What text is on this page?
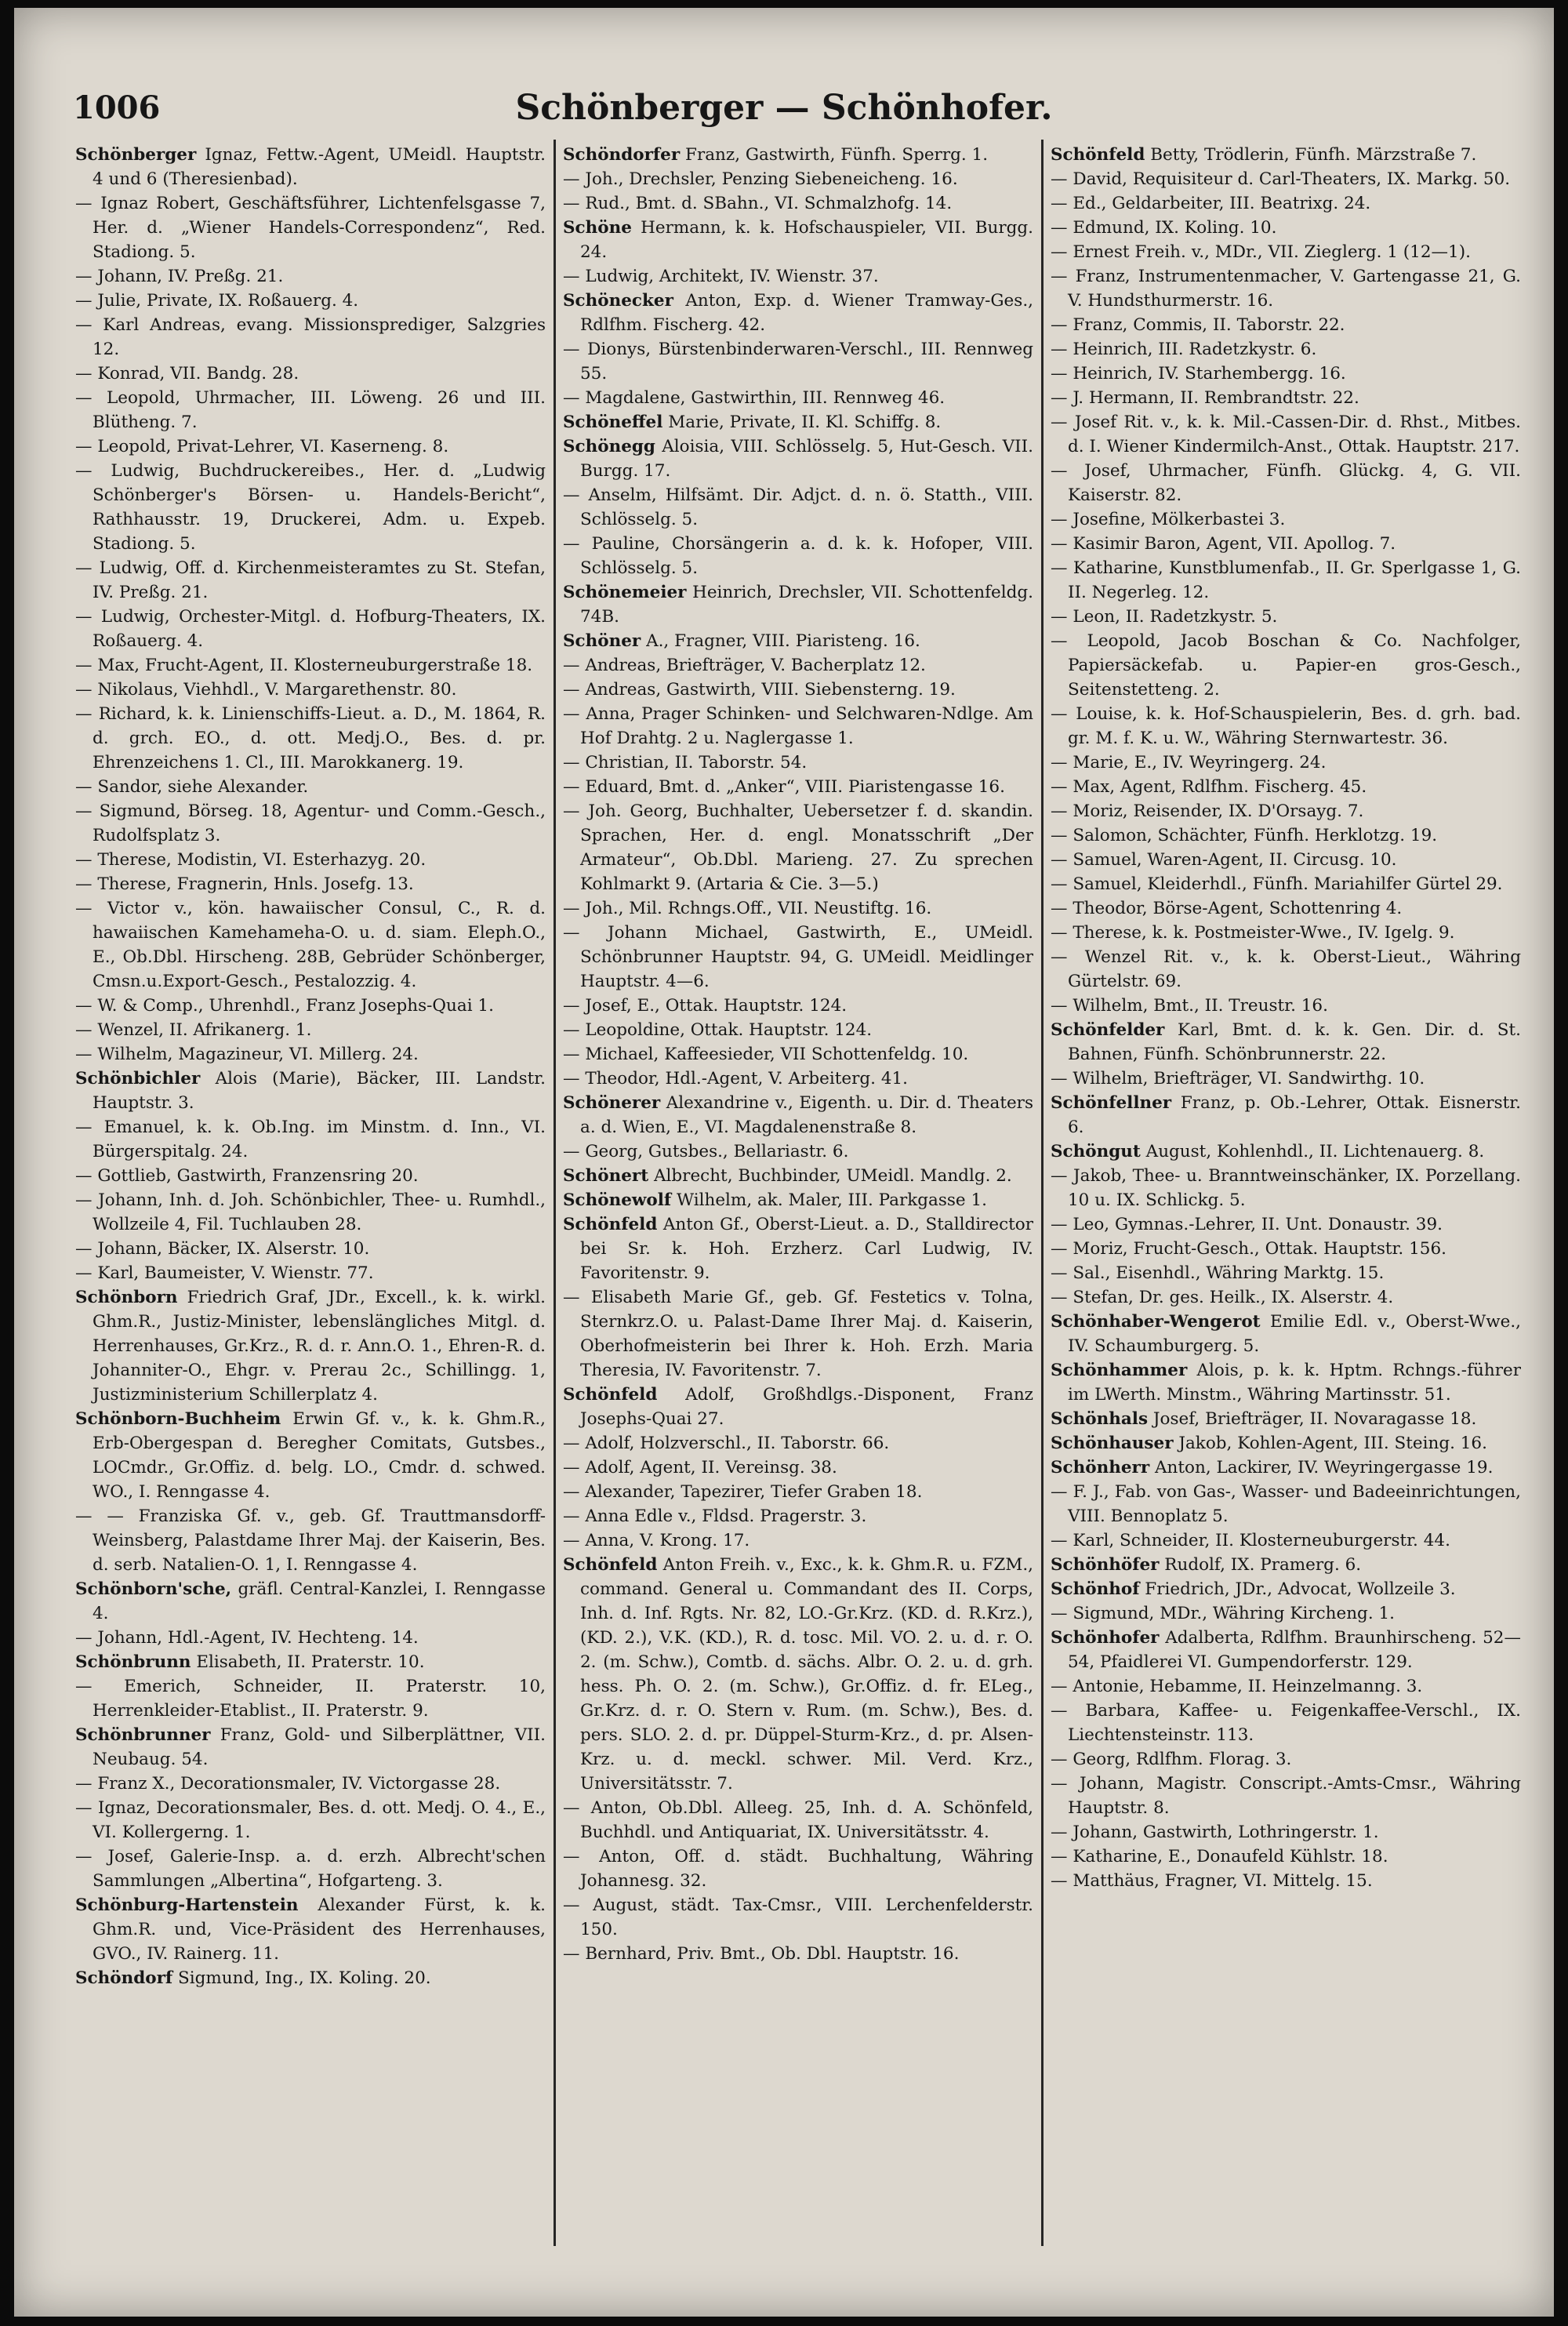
1006	Schönberger — Schönhofer.

Schönberger Ignaz, Fettw.-Agent, UMeidl. Hauptstr. 4 und 6 (Theresienbad).

— Ignaz Robert, Geschäftsführer, Lichtenfelsgasse 7, Her. d. „Wiener Handels-Correspondenz“, Red. Stadiong. 5.

— Johann, IV. Preßg. 21.

— Julie, Private, IX. Roßauerg. 4.

— Karl Andreas, evang. Missionsprediger, Salzgries 12.

— Konrad, VII. Bandg. 28.

— Leopold, Uhrmacher, III. Löweng. 26 und III. Blütheng. 7.

— Leopold, Privat-Lehrer, VI. Kaserneng. 8.

— Ludwig, Buchdruckereibes., Her. d. „Ludwig Schönberger's Börsen- u. Handels-Bericht“, Rathhausstr. 19, Druckerei, Adm. u. Expeb. Stadiong. 5.

— Ludwig, Off. d. Kirchenmeisteramtes zu St. Stefan, IV. Preßg. 21.

— Ludwig, Orchester-Mitgl. d. Hofburg-Theaters, IX. Roßauerg. 4.

— Max, Frucht-Agent, II. Klosterneuburgerstraße 18.

— Nikolaus, Viehhdl., V. Margarethenstr. 80.

— Richard, k. k. Linienschiffs-Lieut. a. D., M. 1864, R. d. grch. EO., d. ott. Medj.O., Bes. d. pr. Ehrenzeichens 1. Cl., III. Marokkanerg. 19.

— Sandor, siehe Alexander.

— Sigmund, Börseg. 18, Agentur- und Comm.-Gesch., Rudolfsplatz 3.

— Therese, Modistin, VI. Esterhazyg. 20.

— Therese, Fragnerin, Hnls. Josefg. 13.

— Victor v., kön. hawaiischer Consul, C., R. d. hawaiischen Kamehameha-O. u. d. siam. Eleph.O., E., Ob.Dbl. Hirscheng. 28B, Gebrüder Schönberger, Cmsn.u.Export-Gesch., Pestalozzig. 4.

— W. & Comp., Uhrenhdl., Franz Josephs-Quai 1.

— Wenzel, II. Afrikanerg. 1.

— Wilhelm, Magazineur, VI. Millerg. 24.

Schönbichler Alois (Marie), Bäcker, III. Landstr. Hauptstr. 3.

— Emanuel, k. k. Ob.Ing. im Minstm. d. Inn., VI. Bürgerspitalg. 24.

— Gottlieb, Gastwirth, Franzensring 20.

— Johann, Inh. d. Joh. Schönbichler, Thee- u. Rumhdl., Wollzeile 4, Fil. Tuchlauben 28.

— Johann, Bäcker, IX. Alserstr. 10.

— Karl, Baumeister, V. Wienstr. 77.

Schönborn Friedrich Graf, JDr., Excell., k. k. wirkl. Ghm.R., Justiz-Minister, lebenslängliches Mitgl. d. Herrenhauses, Gr.Krz., R. d. r. Ann.O. 1., Ehren-R. d. Johanniter-O., Ehgr. v. Prerau 2c., Schillingg. 1, Justizministerium Schillerplatz 4.

Schönborn-Buchheim Erwin Gf. v., k. k. Ghm.R., Erb-Obergespan d. Beregher Comitats, Gutsbes., LOCmdr., Gr.Offiz. d. belg. LO., Cmdr. d. schwed. WO., I. Renngasse 4.

— — Franziska Gf. v., geb. Gf. Trauttmansdorff-Weinsberg, Palastdame Ihrer Maj. der Kaiserin, Bes. d. serb. Natalien-O. 1, I. Renngasse 4.

Schönborn'sche, gräfl. Central-Kanzlei, I. Renngasse 4.

— Johann, Hdl.-Agent, IV. Hechteng. 14.

Schönbrunn Elisabeth, II. Praterstr. 10.

— Emerich, Schneider, II. Praterstr. 10, Herrenkleider-Etablist., II. Praterstr. 9.

Schönbrunner Franz, Gold- und Silberplättner, VII. Neubaug. 54.

— Franz X., Decorationsmaler, IV. Victorgasse 28.

— Ignaz, Decorationsmaler, Bes. d. ott. Medj. O. 4., E., VI. Kollergerng. 1.

— Josef, Galerie-Insp. a. d. erzh. Albrecht'schen Sammlungen „Albertina“, Hofgarteng. 3.

Schönburg-Hartenstein Alexander Fürst, k. k. Ghm.R. und, Vice-Präsident des Herrenhauses, GVO., IV. Rainerg. 11.

Schöndorf Sigmund, Ing., IX. Koling. 20.

Schöndorfer Franz, Gastwirth, Fünfh. Sperrg. 1.

— Joh., Drechsler, Penzing Siebeneicheng. 16.

— Rud., Bmt. d. SBahn., VI. Schmalzhofg. 14.

Schöne Hermann, k. k. Hofschauspieler, VII. Burgg. 24.

— Ludwig, Architekt, IV. Wienstr. 37.

Schönecker Anton, Exp. d. Wiener Tramway-Ges., Rdlfhm. Fischerg. 42.

— Dionys, Bürstenbinderwaren-Verschl., III. Rennweg 55.

— Magdalene, Gastwirthin, III. Rennweg 46.

Schöneffel Marie, Private, II. Kl. Schiffg. 8.

Schönegg Aloisia, VIII. Schlösselg. 5, Hut-Gesch. VII. Burgg. 17.

— Anselm, Hilfsämt. Dir. Adjct. d. n. ö. Statth., VIII. Schlösselg. 5.

— Pauline, Chorsängerin a. d. k. k. Hofoper, VIII. Schlösselg. 5.

Schönemeier Heinrich, Drechsler, VII. Schottenfeldg. 74B.

Schöner A., Fragner, VIII. Piaristeng. 16.

— Andreas, Briefträger, V. Bacherplatz 12.

— Andreas, Gastwirth, VIII. Siebensterng. 19.

— Anna, Prager Schinken- und Selchwaren-Ndlge. Am Hof Drahtg. 2 u. Naglergasse 1.

— Christian, II. Taborstr. 54.

— Eduard, Bmt. d. „Anker“, VIII. Piaristengasse 16.

— Joh. Georg, Buchhalter, Uebersetzer f. d. skandin. Sprachen, Her. d. engl. Monatsschrift „Der Armateur“, Ob.Dbl. Marieng. 27. Zu sprechen Kohlmarkt 9. (Artaria & Cie. 3—5.)

— Joh., Mil. Rchngs.Off., VII. Neustiftg. 16.

— Johann Michael, Gastwirth, E., UMeidl. Schönbrunner Hauptstr. 94, G. UMeidl. Meidlinger Hauptstr. 4—6.

— Josef, E., Ottak. Hauptstr. 124.

— Leopoldine, Ottak. Hauptstr. 124.

— Michael, Kaffeesieder, VII Schottenfeldg. 10.

— Theodor, Hdl.-Agent, V. Arbeiterg. 41.

Schönerer Alexandrine v., Eigenth. u. Dir. d. Theaters a. d. Wien, E., VI. Magdalenenstraße 8.

— Georg, Gutsbes., Bellariastr. 6.

Schönert Albrecht, Buchbinder, UMeidl. Mandlg. 2.

Schönewolf Wilhelm, ak. Maler, III. Parkgasse 1.

Schönfeld Anton Gf., Oberst-Lieut. a. D., Stalldirector bei Sr. k. Hoh. Erzherz. Carl Ludwig, IV. Favoritenstr. 9.

— Elisabeth Marie Gf., geb. Gf. Festetics v. Tolna, Sternkrz.O. u. Palast-Dame Ihrer Maj. d. Kaiserin, Oberhofmeisterin bei Ihrer k. Hoh. Erzh. Maria Theresia, IV. Favoritenstr. 7.

Schönfeld Adolf, Großhdlgs.-Disponent, Franz Josephs-Quai 27.

— Adolf, Holzverschl., II. Taborstr. 66.

— Adolf, Agent, II. Vereinsg. 38.

— Alexander, Tapezirer, Tiefer Graben 18.

— Anna Edle v., Fldsd. Pragerstr. 3.

— Anna, V. Krong. 17.

Schönfeld Anton Freih. v., Exc., k. k. Ghm.R. u. FZM., command. General u. Commandant des II. Corps, Inh. d. Inf. Rgts. Nr. 82, LO.-Gr.Krz. (KD. d. R.Krz.), (KD. 2.), V.K. (KD.), R. d. tosc. Mil. VO. 2. u. d. r. O. 2. (m. Schw.), Comtb. d. sächs. Albr. O. 2. u. d. grh. hess. Ph. O. 2. (m. Schw.), Gr.Offiz. d. fr. ELeg., Gr.Krz. d. r. O. Stern v. Rum. (m. Schw.), Bes. d. pers. SLO. 2. d. pr. Düppel-Sturm-Krz., d. pr. Alsen-Krz. u. d. meckl. schwer. Mil. Verd. Krz., Universitätsstr. 7.

— Anton, Ob.Dbl. Alleeg. 25, Inh. d. A. Schönfeld, Buchhdl. und Antiquariat, IX. Universitätsstr. 4.

— Anton, Off. d. städt. Buchhaltung, Währing Johannesg. 32.

— August, städt. Tax-Cmsr., VIII. Lerchenfelderstr. 150.

— Bernhard, Priv. Bmt., Ob. Dbl. Hauptstr. 16.

Schönfeld Betty, Trödlerin, Fünfh. Märzstraße 7.

— David, Requisiteur d. Carl-Theaters, IX. Markg. 50.

— Ed., Geldarbeiter, III. Beatrixg. 24.

— Edmund, IX. Koling. 10.

— Ernest Freih. v., MDr., VII. Zieglerg. 1 (12—1).

— Franz, Instrumentenmacher, V. Gartengasse 21, G. V. Hundsthurmerstr. 16.

— Franz, Commis, II. Taborstr. 22.

— Heinrich, III. Radetzkystr. 6.

— Heinrich, IV. Starhembergg. 16.

— J. Hermann, II. Rembrandtstr. 22.

— Josef Rit. v., k. k. Mil.-Cassen-Dir. d. Rhst., Mitbes. d. I. Wiener Kindermilch-Anst., Ottak. Hauptstr. 217.

— Josef, Uhrmacher, Fünfh. Glückg. 4, G. VII. Kaiserstr. 82.

— Josefine, Mölkerbastei 3.

— Kasimir Baron, Agent, VII. Apollog. 7.

— Katharine, Kunstblumenfab., II. Gr. Sperlgasse 1, G. II. Negerleg. 12.

— Leon, II. Radetzkystr. 5.

— Leopold, Jacob Boschan & Co. Nachfolger, Papiersäckefab. u. Papier-en gros-Gesch., Seitenstetteng. 2.

— Louise, k. k. Hof-Schauspielerin, Bes. d. grh. bad. gr. M. f. K. u. W., Währing Sternwartestr. 36.

— Marie, E., IV. Weyringerg. 24.

— Max, Agent, Rdlfhm. Fischerg. 45.

— Moriz, Reisender, IX. D'Orsayg. 7.

— Salomon, Schächter, Fünfh. Herklotzg. 19.

— Samuel, Waren-Agent, II. Circusg. 10.

— Samuel, Kleiderhdl., Fünfh. Mariahilfer Gürtel 29.

— Theodor, Börse-Agent, Schottenring 4.

— Therese, k. k. Postmeister-Wwe., IV. Igelg. 9.

— Wenzel Rit. v., k. k. Oberst-Lieut., Währing Gürtelstr. 69.

— Wilhelm, Bmt., II. Treustr. 16.

Schönfelder Karl, Bmt. d. k. k. Gen. Dir. d. St. Bahnen, Fünfh. Schönbrunnerstr. 22.

— Wilhelm, Briefträger, VI. Sandwirthg. 10.

Schönfellner Franz, p. Ob.-Lehrer, Ottak. Eisnerstr. 6.

Schöngut August, Kohlenhdl., II. Lichtenauerg. 8.

— Jakob, Thee- u. Branntweinschänker, IX. Porzellang. 10 u. IX. Schlickg. 5.

— Leo, Gymnas.-Lehrer, II. Unt. Donaustr. 39.

— Moriz, Frucht-Gesch., Ottak. Hauptstr. 156.

— Sal., Eisenhdl., Währing Marktg. 15.

— Stefan, Dr. ges. Heilk., IX. Alserstr. 4.

Schönhaber-Wengerot Emilie Edl. v., Oberst-Wwe., IV. Schaumburgerg. 5.

Schönhammer Alois, p. k. k. Hptm. Rchngs.-führer im LWerth. Minstm., Währing Martinsstr. 51.

Schönhals Josef, Briefträger, II. Novaragasse 18.

Schönhauser Jakob, Kohlen-Agent, III. Steing. 16.

Schönherr Anton, Lackirer, IV. Weyringergasse 19.

— F. J., Fab. von Gas-, Wasser- und Badeeinrichtungen, VIII. Bennoplatz 5.

— Karl, Schneider, II. Klosterneuburgerstr. 44.

Schönhöfer Rudolf, IX. Pramerg. 6.

Schönhof Friedrich, JDr., Advocat, Wollzeile 3.

— Sigmund, MDr., Währing Kircheng. 1.

Schönhofer Adalberta, Rdlfhm. Braunhirscheng. 52—54, Pfaidlerei VI. Gumpendorferstr. 129.

— Antonie, Hebamme, II. Heinzelmanng. 3.

— Barbara, Kaffee- u. Feigenkaffee-Verschl., IX. Liechtensteinstr. 113.

— Georg, Rdlfhm. Florag. 3.

— Johann, Magistr. Conscript.-Amts-Cmsr., Währing Hauptstr. 8.

— Johann, Gastwirth, Lothringerstr. 1.

— Katharine, E., Donaufeld Kühlstr. 18.

— Matthäus, Fragner, VI. Mittelg. 15.
